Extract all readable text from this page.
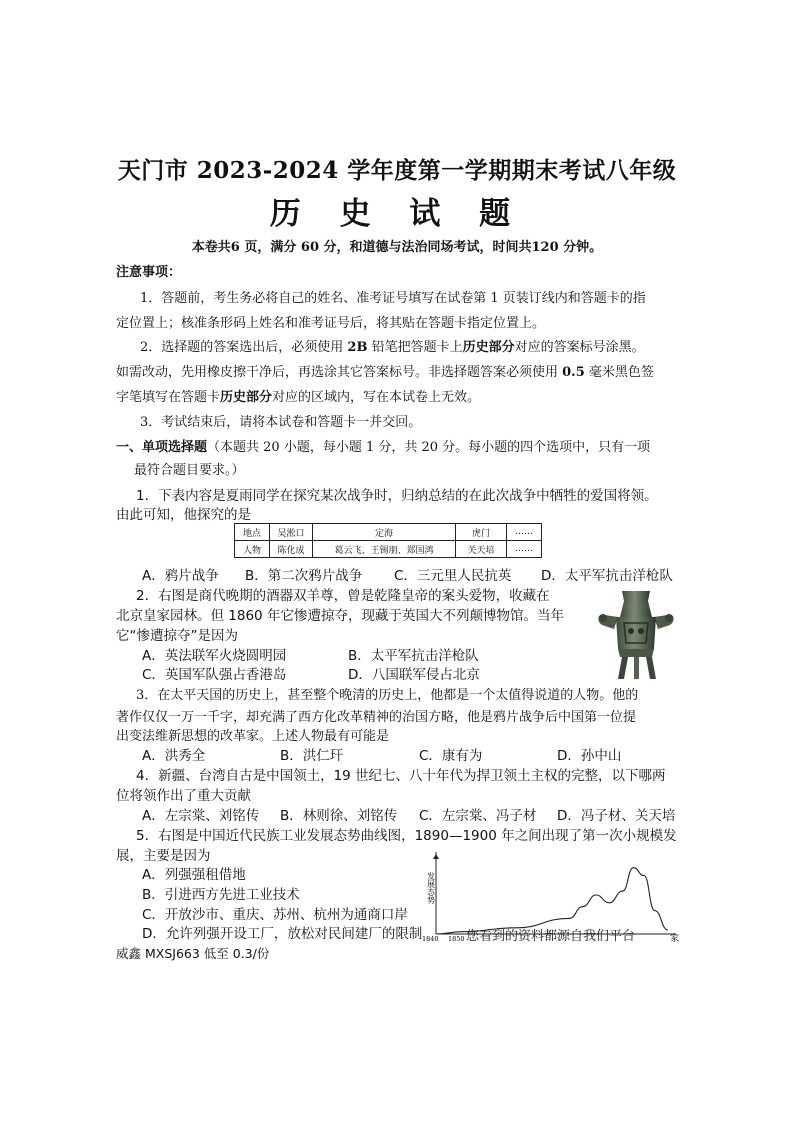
天门市 2023-2024 学年度第一学期期末考试八年级
历 史 试 题
本卷共6 页，满分 60 分，和道德与法治同场考试，时间共120 分钟。
注意事项：
1．答题前，考生务必将自己的姓名、准考证号填写在试卷第 1 页装订线内和答题卡的指
定位置上；核准条形码上姓名和准考证号后，将其贴在答题卡指定位置上。
2．选择题的答案选出后，必须使用 2B 铅笔把答题卡上历史部分对应的答案标号涂黑。
如需改动，先用橡皮擦干净后，再选涂其它答案标号。非选择题答案必须使用 0.5 毫米黑色签
字笔填写在答题卡历史部分对应的区域内，写在本试卷上无效。
3．考试结束后，请将本试卷和答题卡一并交回。
一、单项选择题（本题共 20 小题，每小题 1 分，共 20 分。每小题的四个选项中，只有一项
最符合题目要求。）
1．下表内容是夏雨同学在探究某次战争时，归纳总结的在此次战争中牺牲的爱国将领。
由此可知，他探究的是
地点	吴淞口	定海	虎门	……
人物	陈化成	葛云飞、王锡朋、郑国鸿	关天培	……
A．鸦片战争 B．第二次鸦片战争 C．三元里人民抗英 D．太平军抗击洋枪队
2．右图是商代晚期的酒器双羊尊，曾是乾隆皇帝的案头爱物，收藏在
北京皇家园林。但 1860 年它惨遭掠夺，现藏于英国大不列颠博物馆。当年
它“惨遭掠夺”是因为
A．英法联军火烧圆明园	B．太平军抗击洋枪队
C．英国军队强占香港岛	D．八国联军侵占北京
3．在太平天国的历史上，甚至整个晚清的历史上，他都是一个太值得说道的人物。他的
著作仅仅一万一千字，却充满了西方化改革精神的治国方略，他是鸦片战争后中国第一位提
出变法维新思想的改革家。上述人物最有可能是
A．洪秀全	B．洪仁玕	C．康有为	D．孙中山
4．新疆、台湾自古是中国领土，19 世纪七、八十年代为捍卫领土主权的完整，以下哪两
位将领作出了重大贡献
A．左宗棠、刘铭传 B．林则徐、刘铭传 C．左宗棠、冯子材 D．冯子材、关天培
5．右图是中国近代民族工业发展态势曲线图，1890—1900 年之间出现了第一次小规模发
展，主要是因为
A．列强强租借地
B．引进西方先进工业技术
C．开放沙市、重庆、苏州、杭州为通商口岸
D．允许列强开设工厂，放松对民间建厂的限制
发展态势
1840 1850	家
您看到的资料都源自我们平台
威鑫 MXSJ663 低至 0.3/份
